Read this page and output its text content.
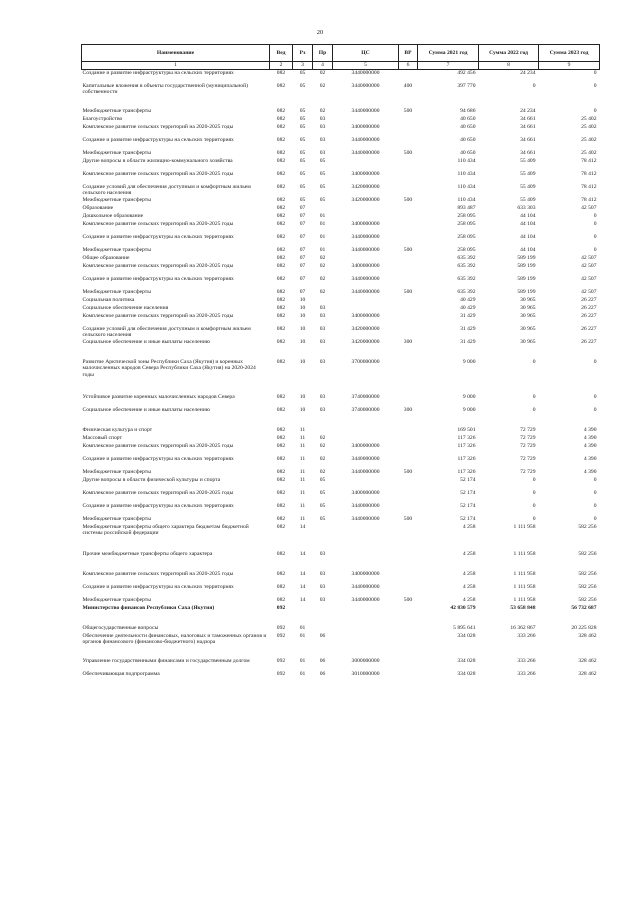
20
Наименование	Вед	Рз	Пр	ЦС	ВР	Сумма 2021 год	Сумма 2022 год	Сумма 2023 год
1	2	3	4	5	6	7	8	9
Создание и развитие инфраструктуры на сельских территориях	082	05	02	3440000000		492 456	24 234	0
Капитальные вложения в объекты государственной (муниципальной) собственности	082	05	02	3440000000	400	397 770	0	0
Межбюджетные трансферты	082	05	02	3440000000	500	94 686	24 234	0
Благоустройство	082	05	03			40 650	34 661	25 402
Комплексное развитие сельских территорий на 2020-2025 годы	082	05	03	3400000000		40 650	34 661	25 402
Создание и развитие инфраструктуры на сельских территориях	082	05	03	3440000000		40 650	34 661	25 402
Межбюджетные трансферты	082	05	03	3440000000	500	40 650	34 661	25 402
Другие вопросы в области жилищно-коммунального хозяйства	082	05	05			110 434	55 409	78 412
Комплексное развитие сельских территорий на 2020-2025 годы	082	05	05	3400000000		110 434	55 409	78 412
Создание условий для обеспечения доступным и комфортным жильем сельского населения	082	05	05	3420000000		110 434	55 409	78 412
Межбюджетные трансферты	082	05	05	3420000000	500	110 434	55 409	78 412
Образование	082	07				893 487	633 303	42 507
Дошкольное образование	082	07	01			258 095	44 104	0
Комплексное развитие сельских территорий на 2020-2025 годы	082	07	01	3400000000		258 095	44 104	0
Создание и развитие инфраструктуры на сельских территориях	082	07	01	3440000000		258 095	44 104	0
Межбюджетные трансферты	082	07	01	3440000000	500	258 095	44 104	0
Общее образование	082	07	02			635 392	589 199	42 507
Комплексное развитие сельских территорий на 2020-2025 годы	082	07	02	3400000000		635 392	589 199	42 507
Создание и развитие инфраструктуры на сельских территориях	082	07	02	3440000000		635 392	589 199	42 507
Межбюджетные трансферты	082	07	02	3440000000	500	635 392	589 199	42 507
Социальная политика	082	10				40 429	30 965	26 227
Социальное обеспечение населения	082	10	03			40 429	30 965	26 227
Комплексное развитие сельских территорий на 2020-2025 годы	082	10	03	3400000000		31 429	30 965	26 227
Создание условий для обеспечения доступным и комфортным жильем сельского населения	082	10	03	3420000000		31 429	30 965	26 227
Социальное обеспечение и иные выплаты населению	082	10	03	3420000000	300	31 429	30 965	26 227
Развитие Арктической зоны Республики Саха (Якутия) и коренных малочисленных народов Севера Республики Саха (Якутия) на 2020-2024 годы	082	10	03	3700000000		9 000	0	0
Устойчивое развитие коренных малочисленных народов Севера	082	10	03	3740000000		9 000	0	0
Социальное обеспечение и иные выплаты населению	082	10	03	3740000000	300	9 000	0	0
Физическая культура и спорт	082	11				169 501	72 729	4 390
Массовый спорт	082	11	02			117 326	72 729	4 390
Комплексное развитие сельских территорий на 2020-2025 годы	082	11	02	3400000000		117 326	72 729	4 390
Создание и развитие инфраструктуры на сельских территориях	082	11	02	3440000000		117 326	72 729	4 390
Межбюджетные трансферты	082	11	02	3440000000	500	117 326	72 729	4 390
Другие вопросы в области физической культуры и спорта	082	11	05			52 174	0	0
Комплексное развитие сельских территорий на 2020-2025 годы	082	11	05	3400000000		52 174	0	0
Создание и развитие инфраструктуры на сельских территориях	082	11	05	3440000000		52 174	0	0
Межбюджетные трансферты	082	11	05	3440000000	500	52 174	0	0
Межбюджетные трансферты общего характера бюджетам бюджетной системы российской федерации	082	14				4 258	1 111 958	582 256
Прочие межбюджетные трансферты общего характера	082	14	03			4 258	1 111 958	582 256
Комплексное развитие сельских территорий на 2020-2025 годы	082	14	03	3400000000		4 258	1 111 958	582 256
Создание и развитие инфраструктуры на сельских территориях	082	14	03	3440000000		4 258	1 111 958	582 256
Межбюджетные трансферты	082	14	03	3440000000	500	4 258	1 111 958	582 256
Министерство финансов Республики Саха (Якутия)	092					42 830 579	53 658 848	56 732 687
Общегосударственные вопросы	092	01				5 895 641	16 362 867	20 225 828
Обеспечение деятельности финансовых, налоговых и таможенных органов и органов финансового (финансово-бюджетного) надзора	092	01	06			334 028	333 266	328 462
Управление государственными финансами и государственным долгом	092	01	06	3000000000		334 028	333 266	328 462
Обеспечивающая подпрограмма	092	01	06	3010000000		334 028	333 266	328 462
